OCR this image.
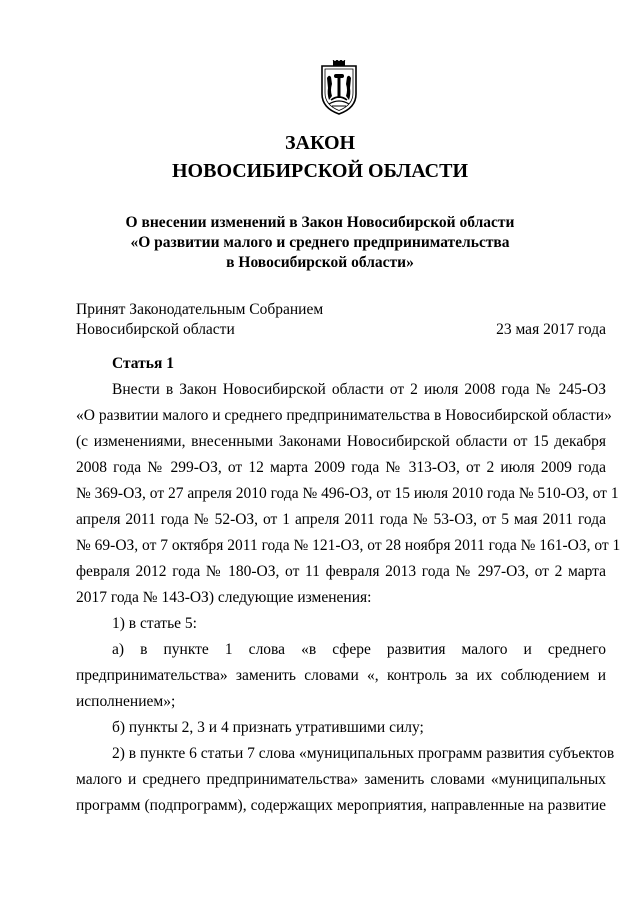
ЗАКОН
НОВОСИБИРСКОЙ ОБЛАСТИ
О внесении изменений в Закон Новосибирской области
«О развитии малого и среднего предпринимательства
в Новосибирской области»
Принят Законодательным Собранием
Новосибирской области	23 мая 2017 года
Статья 1
Внести в Закон Новосибирской области от 2 июля 2008 года № 245-ОЗ
«О развитии малого и среднего предпринимательства в Новосибирской области»
(с изменениями, внесенными Законами Новосибирской области от 15 декабря
2008 года № 299-ОЗ, от 12 марта 2009 года № 313-ОЗ, от 2 июля 2009 года
№ 369-ОЗ, от 27 апреля 2010 года № 496-ОЗ, от 15 июля 2010 года № 510-ОЗ, от 1
апреля 2011 года № 52-ОЗ, от 1 апреля 2011 года № 53-ОЗ, от 5 мая 2011 года
№ 69-ОЗ, от 7 октября 2011 года № 121-ОЗ, от 28 ноября 2011 года № 161-ОЗ, от 1
февраля 2012 года № 180-ОЗ, от 11 февраля 2013 года № 297-ОЗ, от 2 марта
2017 года № 143-ОЗ) следующие изменения:
1) в статье 5:
а) в пункте 1 слова «в сфере развития малого и среднего
предпринимательства» заменить словами «, контроль за их соблюдением и
исполнением»;
б) пункты 2, 3 и 4 признать утратившими силу;
2) в пункте 6 статьи 7 слова «муниципальных программ развития субъектов
малого и среднего предпринимательства» заменить словами «муниципальных
программ (подпрограмм), содержащих мероприятия, направленные на развитие
